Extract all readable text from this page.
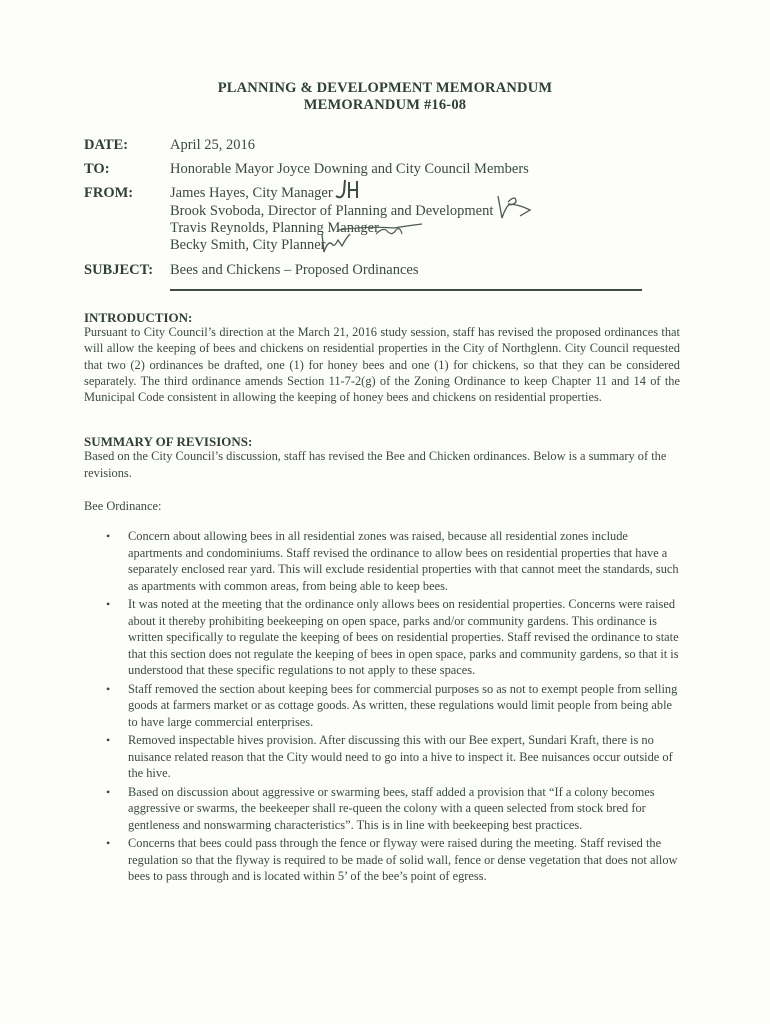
PLANNING & DEVELOPMENT MEMORANDUM
MEMORANDUM #16-08
DATE:	April 25, 2016
TO:	Honorable Mayor Joyce Downing and City Council Members
FROM:	James Hayes, City Manager
Brook Svoboda, Director of Planning and Development
Travis Reynolds, Planning Manager
Becky Smith, City Planner
SUBJECT: Bees and Chickens – Proposed Ordinances
INTRODUCTION:

Pursuant to City Council’s direction at the March 21, 2016 study session, staff has revised the proposed ordinances that will allow the keeping of bees and chickens on residential properties in the City of Northglenn. City Council requested that two (2) ordinances be drafted, one (1) for honey bees and one (1) for chickens, so that they can be considered separately. The third ordinance amends Section 11-7-2(g) of the Zoning Ordinance to keep Chapter 11 and 14 of the Municipal Code consistent in allowing the keeping of honey bees and chickens on residential properties.

SUMMARY OF REVISIONS:

Based on the City Council’s discussion, staff has revised the Bee and Chicken ordinances. Below is a summary of the revisions.

Bee Ordinance:

• Concern about allowing bees in all residential zones was raised, because all residential zones include apartments and condominiums. Staff revised the ordinance to allow bees on residential properties that have a separately enclosed rear yard. This will exclude residential properties with that cannot meet the standards, such as apartments with common areas, from being able to keep bees.
• It was noted at the meeting that the ordinance only allows bees on residential properties. Concerns were raised about it thereby prohibiting beekeeping on open space, parks and/or community gardens. This ordinance is written specifically to regulate the keeping of bees on residential properties. Staff revised the ordinance to state that this section does not regulate the keeping of bees in open space, parks and community gardens, so that it is understood that these specific regulations to not apply to these spaces.
• Staff removed the section about keeping bees for commercial purposes so as not to exempt people from selling goods at farmers market or as cottage goods. As written, these regulations would limit people from being able to have large commercial enterprises.
• Removed inspectable hives provision. After discussing this with our Bee expert, Sundari Kraft, there is no nuisance related reason that the City would need to go into a hive to inspect it. Bee nuisances occur outside of the hive.
• Based on discussion about aggressive or swarming bees, staff added a provision that “If a colony becomes aggressive or swarms, the beekeeper shall re-queen the colony with a queen selected from stock bred for gentleness and nonswarming characteristics”. This is in line with beekeeping best practices.
• Concerns that bees could pass through the fence or flyway were raised during the meeting. Staff revised the regulation so that the flyway is required to be made of solid wall, fence or dense vegetation that does not allow bees to pass through and is located within 5’ of the bee’s point of egress.
